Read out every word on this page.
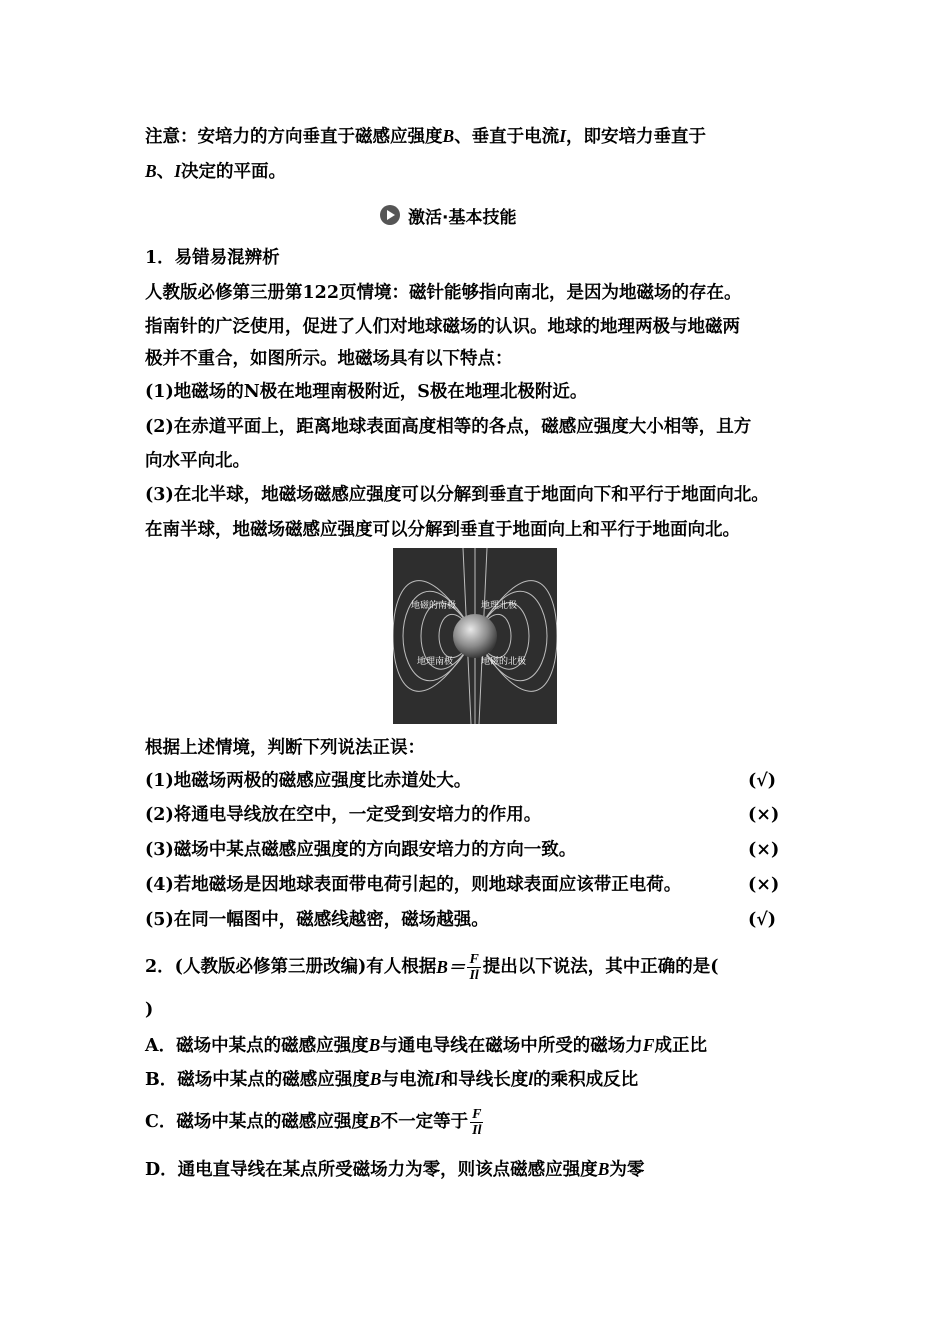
注意：安培力的方向垂直于磁感应强度B、垂直于电流I，即安培力垂直于
B、I决定的平面。
激活·基本技能
1．易错易混辨析
人教版必修第三册第122页情境：磁针能够指向南北，是因为地磁场的存在。
指南针的广泛使用，促进了人们对地球磁场的认识。地球的地理两极与地磁两
极并不重合，如图所示。地磁场具有以下特点：
(1)地磁场的N极在地理南极附近，S极在地理北极附近。
(2)在赤道平面上，距离地球表面高度相等的各点，磁感应强度大小相等，且方
向水平向北。
(3)在北半球，地磁场磁感应强度可以分解到垂直于地面向下和平行于地面向北。
在南半球，地磁场磁感应强度可以分解到垂直于地面向上和平行于地面向北。
地磁的南极	地理北极
地理南极	地磁的北极
根据上述情境，判断下列说法正误：
(1)地磁场两极的磁感应强度比赤道处大。	(√)
(2)将通电导线放在空中，一定受到安培力的作用。	(×)
(3)磁场中某点磁感应强度的方向跟安培力的方向一致。	(×)
(4)若地磁场是因地球表面带电荷引起的，则地球表面应该带正电荷。	(×)
(5)在同一幅图中，磁感线越密，磁场越强。	(√)
2．(人教版必修第三册改编)有人根据 $B= \frac{F}{Il}$ 提出以下说法，其中正确的是(
)
A．磁场中某点的磁感应强度B与通电导线在磁场中所受的磁场力F成正比
B．磁场中某点的磁感应强度B与电流I和导线长度l的乘积成反比
C．磁场中某点的磁感应强度 B 不一定等于 $\frac{F}{Il}$
D．通电直导线在某点所受磁场力为零，则该点磁感应强度B为零
